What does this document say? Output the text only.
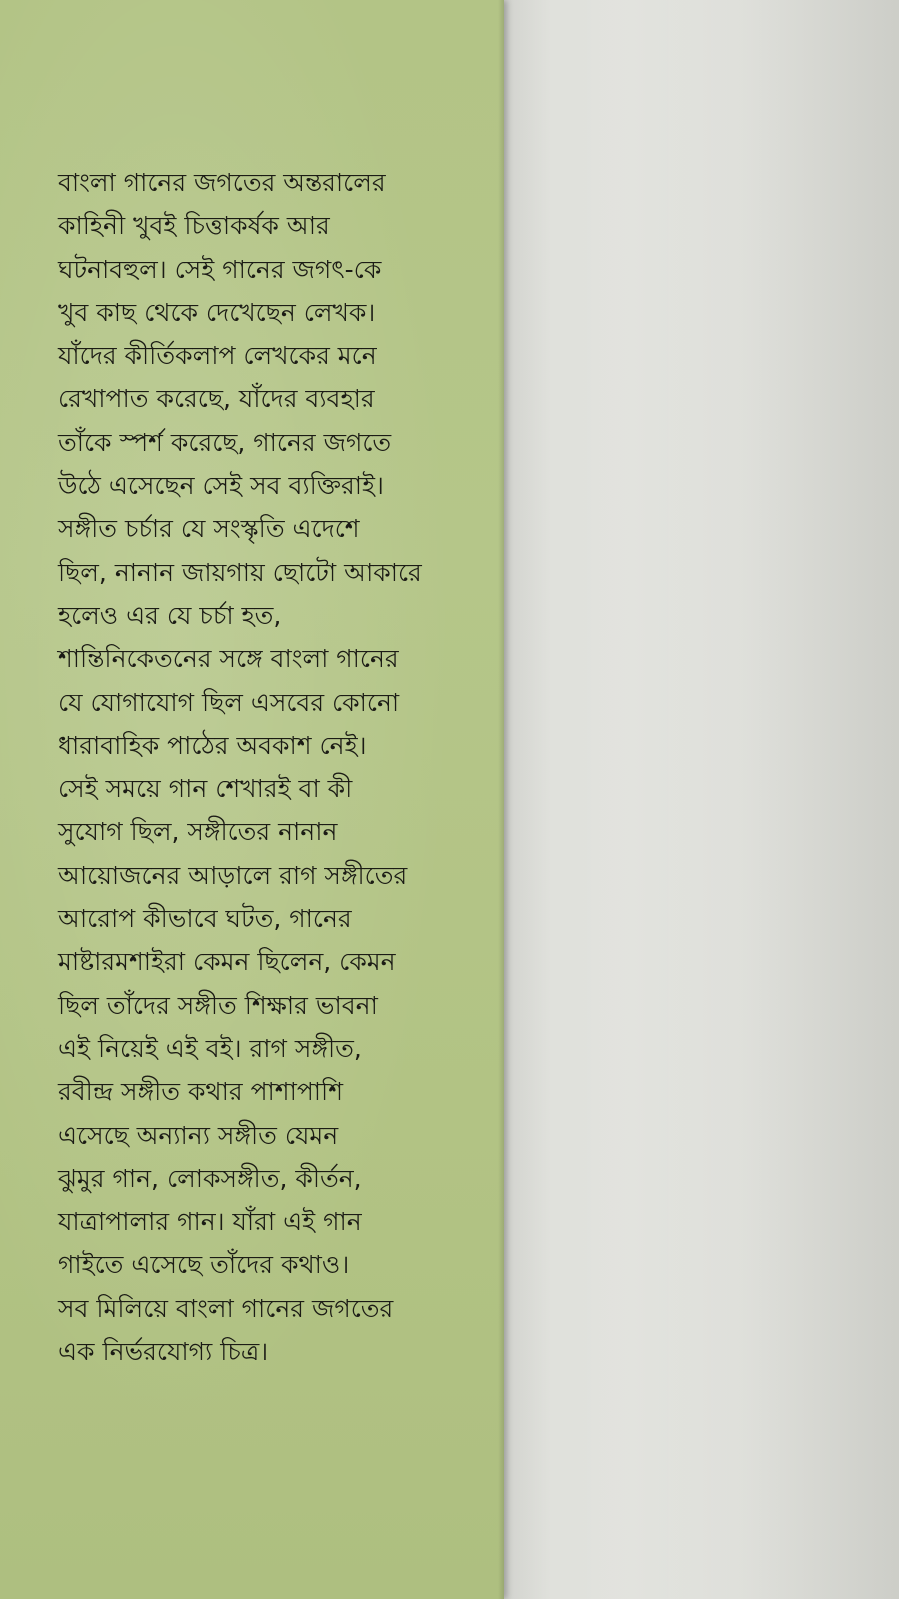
বাংলা গানের জগতের অন্তরালের
কাহিনী খুবই চিত্তাকর্ষক আর
ঘটনাবহুল। সেই গানের জগৎ-কে
খুব কাছ থেকে দেখেছেন লেখক।
যাঁদের কীর্তিকলাপ লেখকের মনে
রেখাপাত করেছে, যাঁদের ব্যবহার
তাঁকে স্পর্শ করেছে, গানের জগতে
উঠে এসেছেন সেই সব ব্যক্তিরাই।
সঙ্গীত চর্চার যে সংস্কৃতি এদেশে
ছিল, নানান জায়গায় ছোটো আকারে
হলেও এর যে চর্চা হত,
শান্তিনিকেতনের সঙ্গে বাংলা গানের
যে যোগাযোগ ছিল এসবের কোনো
ধারাবাহিক পাঠের অবকাশ নেই।
সেই সময়ে গান শেখারই বা কী
সুযোগ ছিল, সঙ্গীতের নানান
আয়োজনের আড়ালে রাগ সঙ্গীতের
আরোপ কীভাবে ঘটত, গানের
মাষ্টারমশাইরা কেমন ছিলেন, কেমন
ছিল তাঁদের সঙ্গীত শিক্ষার ভাবনা
এই নিয়েই এই বই। রাগ সঙ্গীত,
রবীন্দ্র সঙ্গীত কথার পাশাপাশি
এসেছে অন্যান্য সঙ্গীত যেমন
ঝুমুর গান, লোকসঙ্গীত, কীর্তন,
যাত্রাপালার গান। যাঁরা এই গান
গাইতে এসেছে তাঁদের কথাও।
সব মিলিয়ে বাংলা গানের জগতের
এক নির্ভরযোগ্য চিত্র।
